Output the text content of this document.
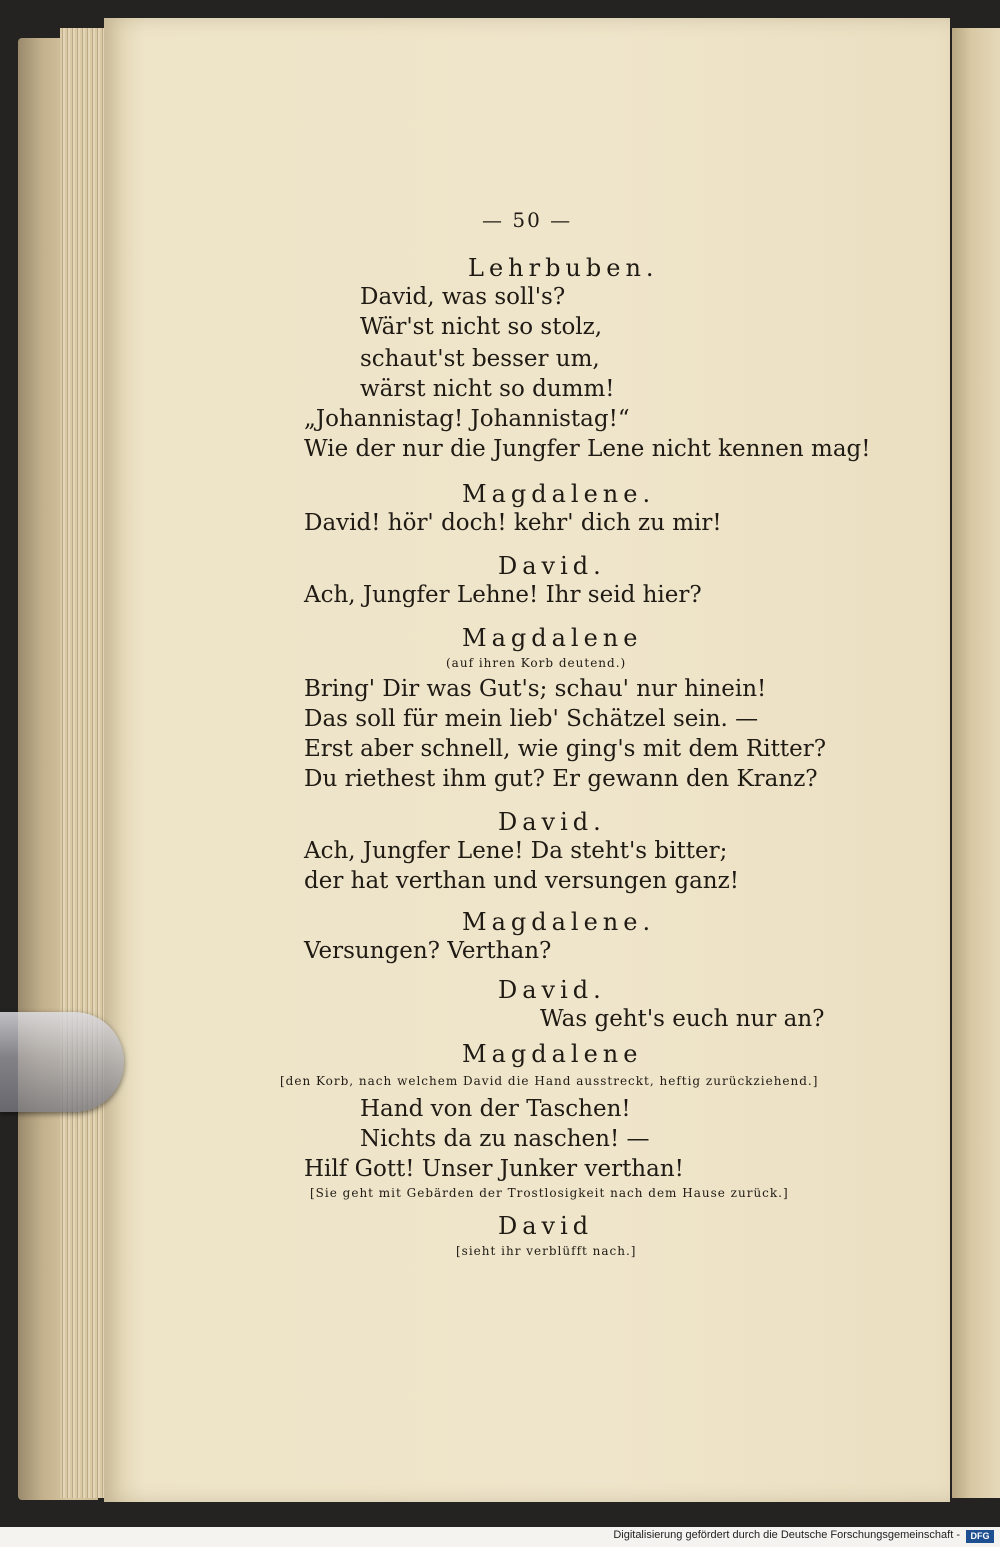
— 50 —
Lehrbuben.
David, was soll's?
Wär'st nicht so stolz,
schaut'st besser um,
wärst nicht so dumm!
„Johannistag! Johannistag!“
Wie der nur die Jungfer Lene nicht kennen mag!
Magdalene.
David! hör' doch! kehr' dich zu mir!
David.
Ach, Jungfer Lehne! Ihr seid hier?
Magdalene
(auf ihren Korb deutend.)
Bring' Dir was Gut's; schau' nur hinein!
Das soll für mein lieb' Schätzel sein. —
Erst aber schnell, wie ging's mit dem Ritter?
Du riethest ihm gut? Er gewann den Kranz?
David.
Ach, Jungfer Lene! Da steht's bitter;
der hat verthan und versungen ganz!
Magdalene.
Versungen? Verthan?
David.
Was geht's euch nur an?
Magdalene
[den Korb, nach welchem David die Hand ausstreckt, heftig zurückziehend.]
Hand von der Taschen!
Nichts da zu naschen! —
Hilf Gott! Unser Junker verthan!
[Sie geht mit Gebärden der Trostlosigkeit nach dem Hause zurück.]
David
[sieht ihr verblüfft nach.]
Digitalisierung gefördert durch die Deutsche Forschungsgemeinschaft -	DFG
